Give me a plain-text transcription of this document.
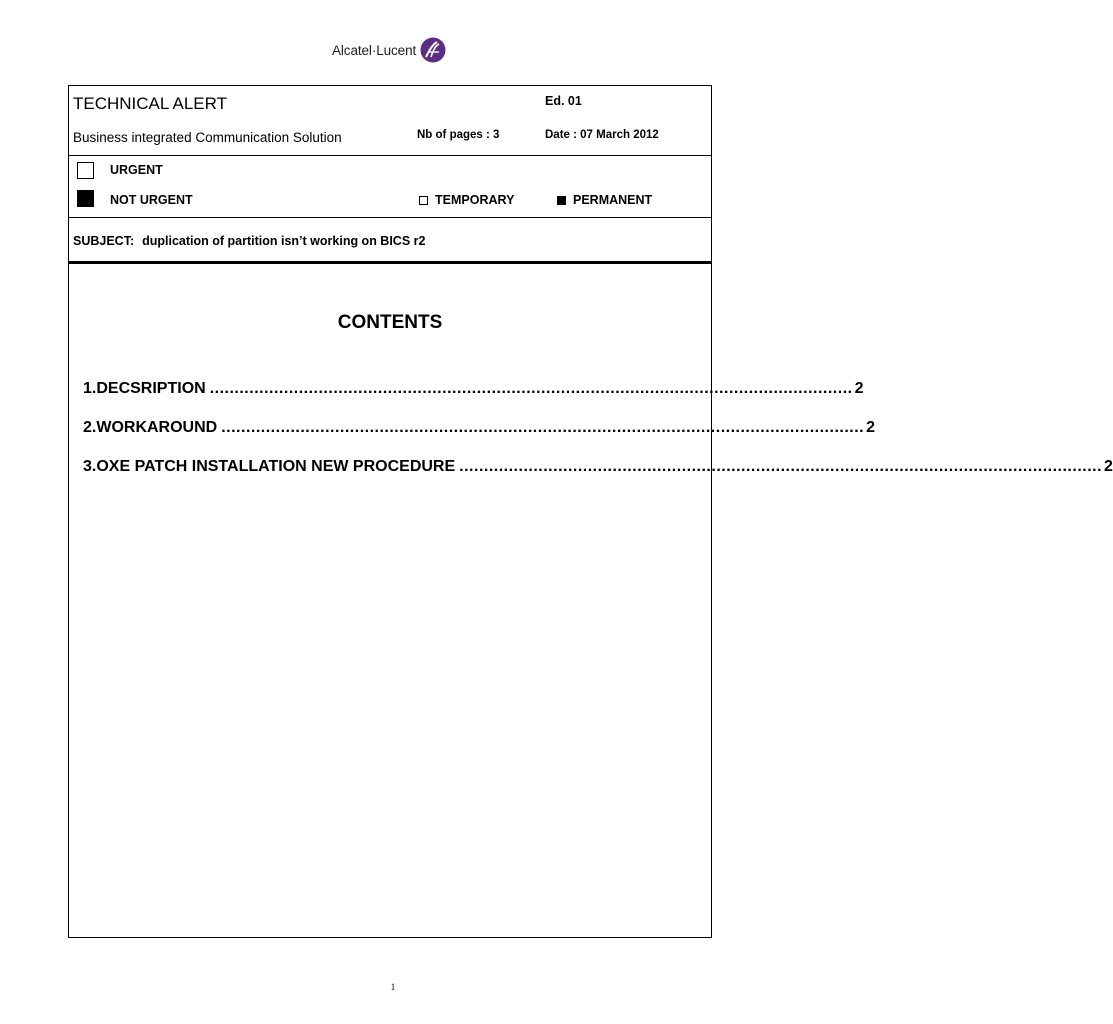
Alcatel·Lucent
TECHNICAL ALERT
Business integrated Communication Solution
Ed. 01
Nb of pages : 3	Date : 07 March 2012
URGENT
NOT URGENT	TEMPORARY	PERMANENT
SUBJECT: duplication of partition isn’t working on BICS r2
CONTENTS
1. DECSRIPTION .................................................................................................................................. 2
2. WORKAROUND .................................................................................................................................. 2
3. OXE PATCH INSTALLATION NEW PROCEDURE .................................................................................................................................. 2
1
